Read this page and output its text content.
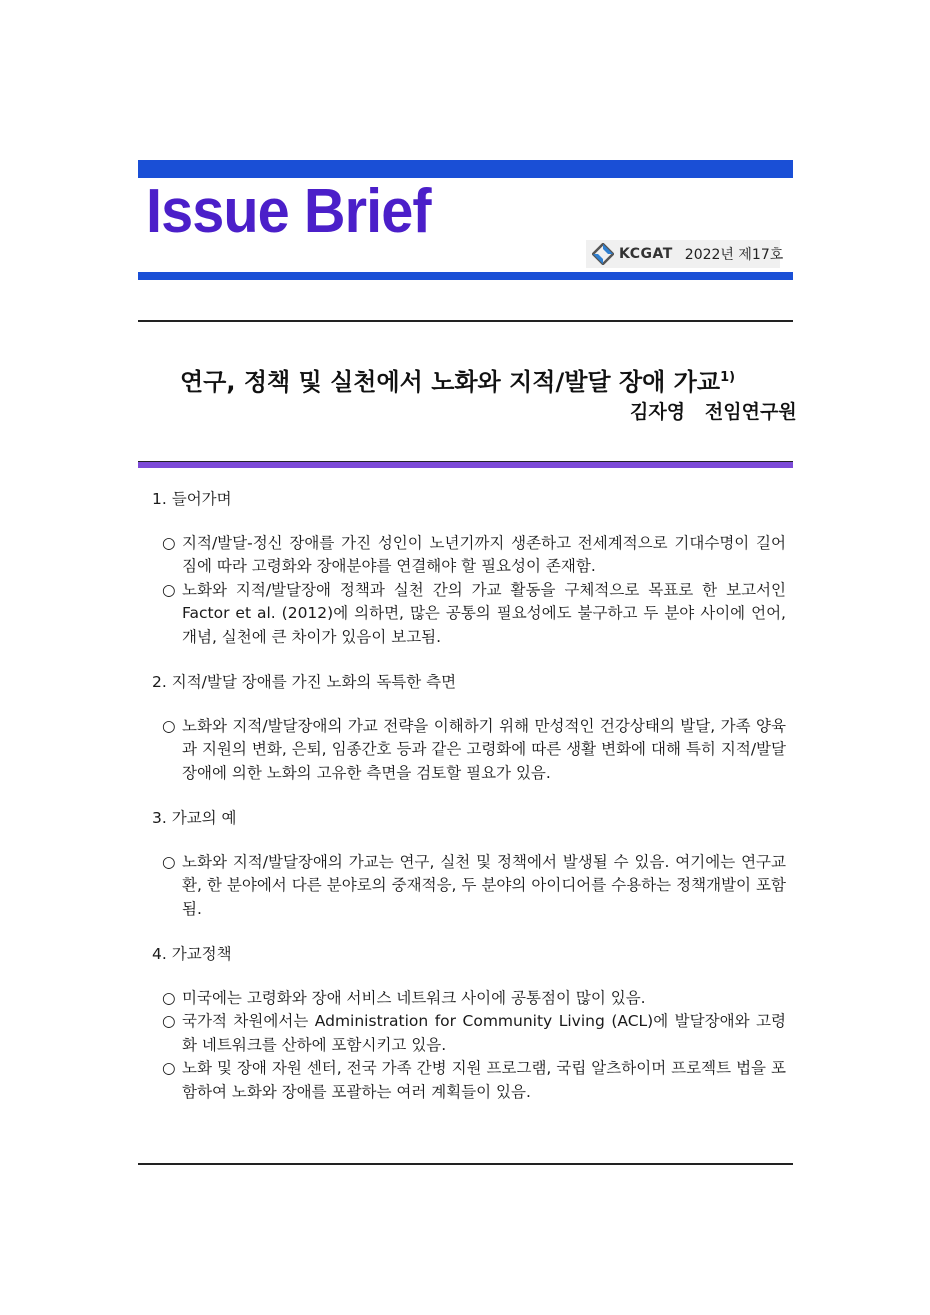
Issue Brief
KCGAT 2022년 제17호
연구, 정책 및 실천에서 노화와 지적/발달 장애 가교$^{1)}$
김자영   전임연구원

1. 들어가며

○ 지적/발달-정신 장애를 가진 성인이 노년기까지 생존하고 전세계적으로 기대수명이 길어짐에 따라 고령화와 장애분야를 연결해야 할 필요성이 존재함.
○ 노화와 지적/발달장애 정책과 실천 간의 가교 활동을 구체적으로 목표로 한 보고서인 Factor et al. (2012)에 의하면, 많은 공통의 필요성에도 불구하고 두 분야 사이에 언어, 개념, 실천에 큰 차이가 있음이 보고됨.

2. 지적/발달 장애를 가진 노화의 독특한 측면

○ 노화와 지적/발달장애의 가교 전략을 이해하기 위해 만성적인 건강상태의 발달, 가족 양육과 지원의 변화, 은퇴, 임종간호 등과 같은 고령화에 따른 생활 변화에 대해 특히 지적/발달장애에 의한 노화의 고유한 측면을 검토할 필요가 있음.

3. 가교의 예

○ 노화와 지적/발달장애의 가교는 연구, 실천 및 정책에서 발생될 수 있음. 여기에는 연구교환, 한 분야에서 다른 분야로의 중재적응, 두 분야의 아이디어를 수용하는 정책개발이 포함됨.

4. 가교정책

○ 미국에는 고령화와 장애 서비스 네트워크 사이에 공통점이 많이 있음.
○ 국가적 차원에서는 Administration for Community Living (ACL)에 발달장애와 고령화 네트워크를 산하에 포함시키고 있음.
○ 노화 및 장애 자원 센터, 전국 가족 간병 지원 프로그램, 국립 알츠하이머 프로젝트 법을 포함하여 노화와 장애를 포괄하는 여러 계획들이 있음.
